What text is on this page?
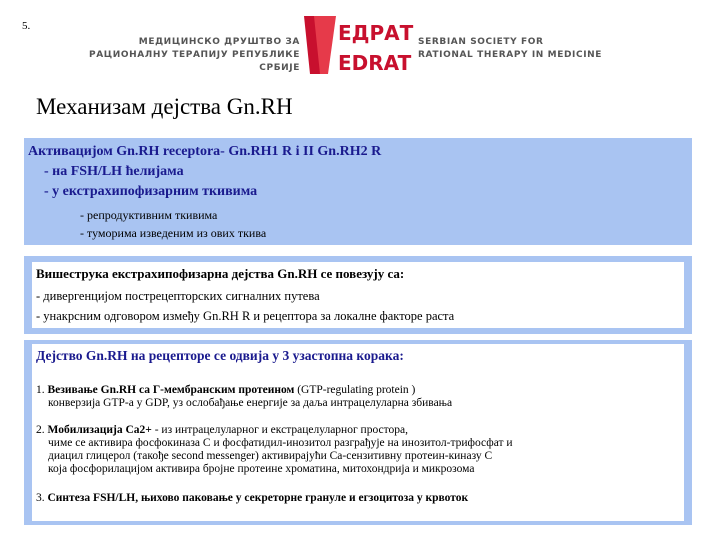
5.
МЕДИЦИНСКО ДРУШТВО ЗА
РАЦИОНАЛНУ ТЕРАПИЈУ РЕПУБЛИКЕ СРБИЈЕ
ЕДРАТ
EDRAT
SERBIAN SOCIETY FOR
RATIONAL THERAPY IN MEDICINE
Механизам дејства Gn.RH
Активацијом Gn.RH receptora- Gn.RH1 R i II Gn.RH2 R
- на FSH/LH ћелијама
- у екстрахипофизарним ткивима
- репродуктивним ткивима
- туморима изведеним из ових ткива
Вишеструка екстрахипофизарна дејства Gn.RH се повезују са:
- дивергенцијом пострецепторских сигналних путева
- унакрсним одговором између Gn.RH R и рецептора за локалне факторе раста
Дејство Gn.RH на рецепторе се одвија у 3 узастопна корака:
1. Везивање Gn.RH са Г-мембранским протеином (GTP-regulating protein )
конверзија GTP-а у GDP, уз ослобађање енергије за даља интрацелуларна збивања
2. Мобилизација Ca2+ - из интрацелуларног и екстрацелуларног простора,
чиме се активира фосфокиназа С и фосфатидил-инозитол разграђује на инозитол-трифосфат и
диацил глицерол (такође second messenger) активирајући Ca-сензитивну протеин-киназу С
која фосфорилацијом активира бројне протеине хроматина, митохондрија и микрозома
3. Синтеза FSH/LH, њихово паковање у секреторне грануле и егзоцитоза у крвоток
